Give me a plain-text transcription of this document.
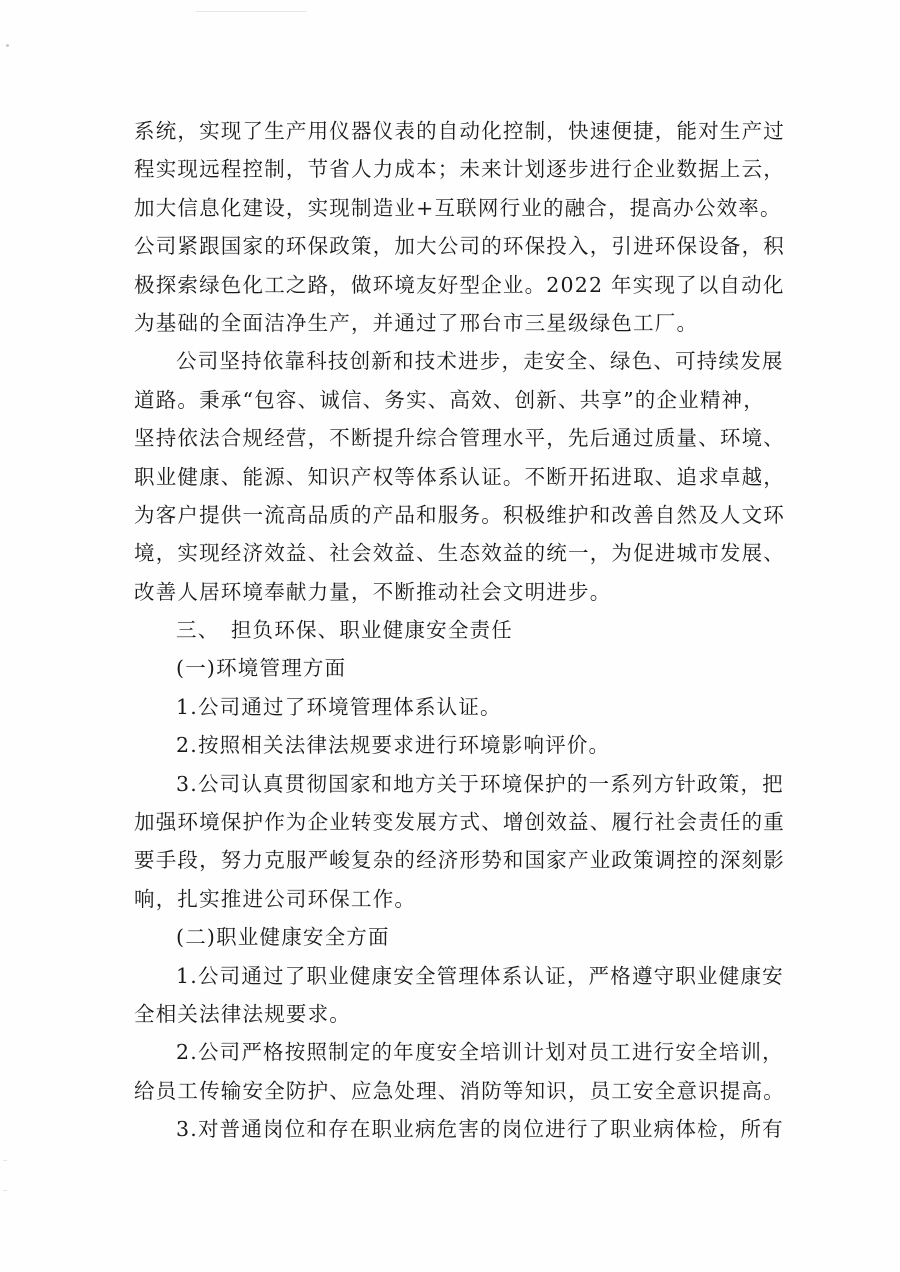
系统，实现了生产用仪器仪表的自动化控制，快速便捷，能对生产过
程实现远程控制，节省人力成本；未来计划逐步进行企业数据上云，
加大信息化建设，实现制造业+互联网行业的融合，提高办公效率。
公司紧跟国家的环保政策，加大公司的环保投入，引进环保设备，积
极探索绿色化工之路，做环境友好型企业。2022 年实现了以自动化
为基础的全面洁净生产，并通过了邢台市三星级绿色工厂。
公司坚持依靠科技创新和技术进步，走安全、绿色、可持续发展
道路。秉承“包容、诚信、务实、高效、创新、共享”的企业精神，
坚持依法合规经营，不断提升综合管理水平，先后通过质量、环境、
职业健康、能源、知识产权等体系认证。不断开拓进取、追求卓越，
为客户提供一流高品质的产品和服务。积极维护和改善自然及人文环
境，实现经济效益、社会效益、生态效益的统一，为促进城市发展、
改善人居环境奉献力量，不断推动社会文明进步。
三、　担负环保、职业健康安全责任
(一)环境管理方面
1.公司通过了环境管理体系认证。
2.按照相关法律法规要求进行环境影响评价。
3.公司认真贯彻国家和地方关于环境保护的一系列方针政策，把
加强环境保护作为企业转变发展方式、增创效益、履行社会责任的重
要手段，努力克服严峻复杂的经济形势和国家产业政策调控的深刻影
响，扎实推进公司环保工作。
(二)职业健康安全方面
1.公司通过了职业健康安全管理体系认证，严格遵守职业健康安
全相关法律法规要求。
2.公司严格按照制定的年度安全培训计划对员工进行安全培训，
给员工传输安全防护、应急处理、消防等知识，员工安全意识提高。
3.对普通岗位和存在职业病危害的岗位进行了职业病体检，所有
